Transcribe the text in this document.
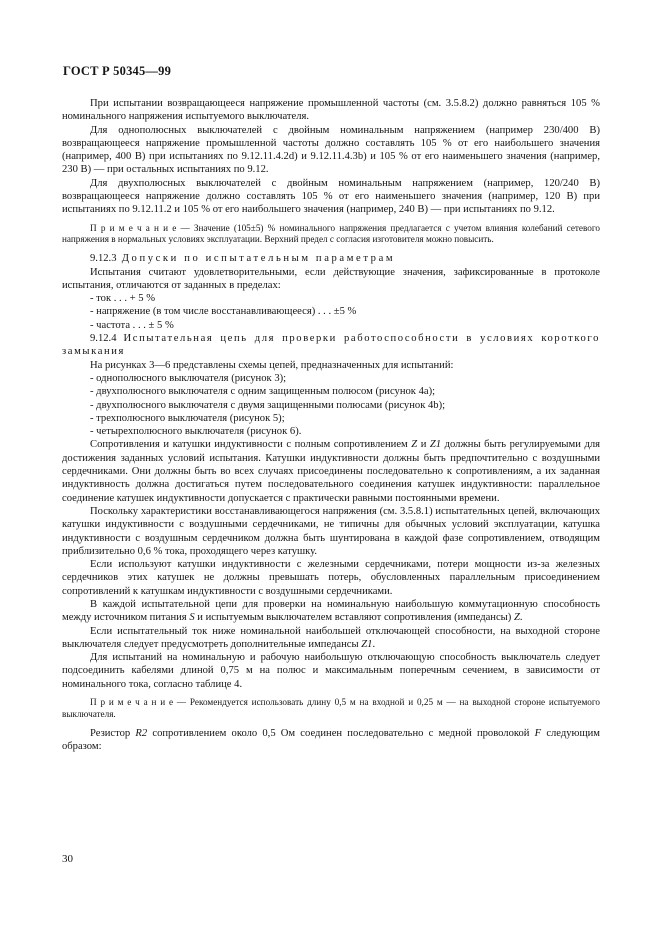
ГОСТ Р 50345—99

При испытании возвращающееся напряжение промышленной частоты (см. 3.5.8.2) должно равняться 105 % номинального напряжения испытуемого выключателя.

Для однополюсных выключателей с двойным номинальным напряжением (например 230/400 В) возвращающееся напряжение промышленной частоты должно составлять 105 % от его наибольшего значения (например, 400 В) при испытаниях по 9.12.11.4.2d) и 9.12.11.4.3b) и 105 % от его наименьшего значения (например, 230 В) — при остальных испытаниях по 9.12.

Для двухполюсных выключателей с двойным номинальным напряжением (например, 120/240 В) возвращающееся напряжение должно составлять 105 % от его наименьшего значения (например, 120 В) при испытаниях по 9.12.11.2 и 105 % от его наибольшего значения (например, 240 В) — при испытаниях по 9.12.

П р и м е ч а н и е — Значение (105±5) % номинального напряжения предлагается с учетом влияния колебаний сетевого напряжения в нормальных условиях эксплуатации. Верхний предел с согласия изготовителя можно повысить.

9.12.3 Допуски по испытательным параметрам

Испытания считают удовлетворительными, если действующие значения, зафиксированные в протоколе испытания, отличаются от заданных в пределах:

- ток . . . + 5 %

- напряжение (в том числе восстанавливающееся) . . . ±5 %

- частота . . . ± 5 %

9.12.4 Испытательная цепь для проверки работоспособности в условиях короткого замыкания

На рисунках 3—6 представлены схемы цепей, предназначенных для испытаний:

- однополюсного выключателя (рисунок 3);

- двухполюсного выключателя с одним защищенным полюсом (рисунок 4a);

- двухполюсного выключателя с двумя защищенными полюсами (рисунок 4b);

- трехполюсного выключателя (рисунок 5);

- четырехполюсного выключателя (рисунок 6).

Сопротивления и катушки индуктивности с полным сопротивлением Z и Z1 должны быть регулируемыми для достижения заданных условий испытания. Катушки индуктивности должны быть предпочтительно с воздушными сердечниками. Они должны быть во всех случаях присоединены последовательно к сопротивлениям, а их заданная индуктивность должна достигаться путем последовательного соединения катушек индуктивности: параллельное соединение катушек индуктивности допускается с практически равными постоянными времени.

Поскольку характеристики восстанавливающегося напряжения (см. 3.5.8.1) испытательных цепей, включающих катушки индуктивности с воздушными сердечниками, не типичны для обычных условий эксплуатации, катушка индуктивности с воздушным сердечником должна быть шунтирована в каждой фазе сопротивлением, отводящим приблизительно 0,6 % тока, проходящего через катушку.

Если используют катушки индуктивности с железными сердечниками, потери мощности из-за железных сердечников этих катушек не должны превышать потерь, обусловленных параллельным присоединением сопротивлений к катушкам индуктивности с воздушными сердечниками.

В каждой испытательной цепи для проверки на номинальную наибольшую коммутационную способность между источником питания S и испытуемым выключателем вставляют сопротивления (импедансы) Z.

Если испытательный ток ниже номинальной наибольшей отключающей способности, на выходной стороне выключателя следует предусмотреть дополнительные импедансы Z1.

Для испытаний на номинальную и рабочую наибольшую отключающую способность выключатель следует подсоединить кабелями длиной 0,75 м на полюс и максимальным поперечным сечением, в зависимости от номинального тока, согласно таблице 4.

П р и м е ч а н и е — Рекомендуется использовать длину 0,5 м на входной и 0,25 м — на выходной стороне испытуемого выключателя.

Резистор R2 сопротивлением около 0,5 Ом соединен последовательно с медной проволокой F следующим образом:

30
